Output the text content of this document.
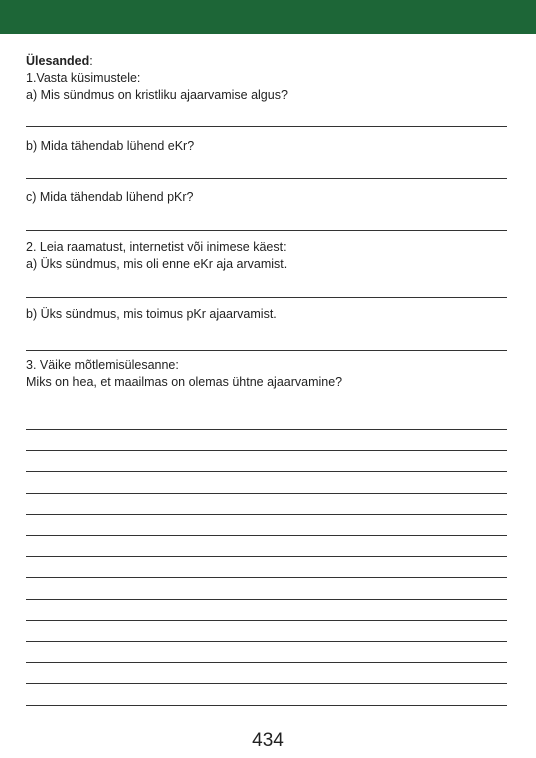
Ülesanded:
1.Vasta küsimustele:
a) Mis sündmus on kristliku ajaarvamise algus?
b) Mida tähendab lühend eKr?
c) Mida tähendab lühend pKr?
2. Leia raamatust, internetist või inimese käest:
a) Üks sündmus, mis oli enne eKr aja arvamist.
b) Üks sündmus, mis toimus pKr ajaarvamist.
3. Väike mõtlemisülesanne:
Miks on hea, et maailmas on olemas ühtne ajaarvamine?
434
